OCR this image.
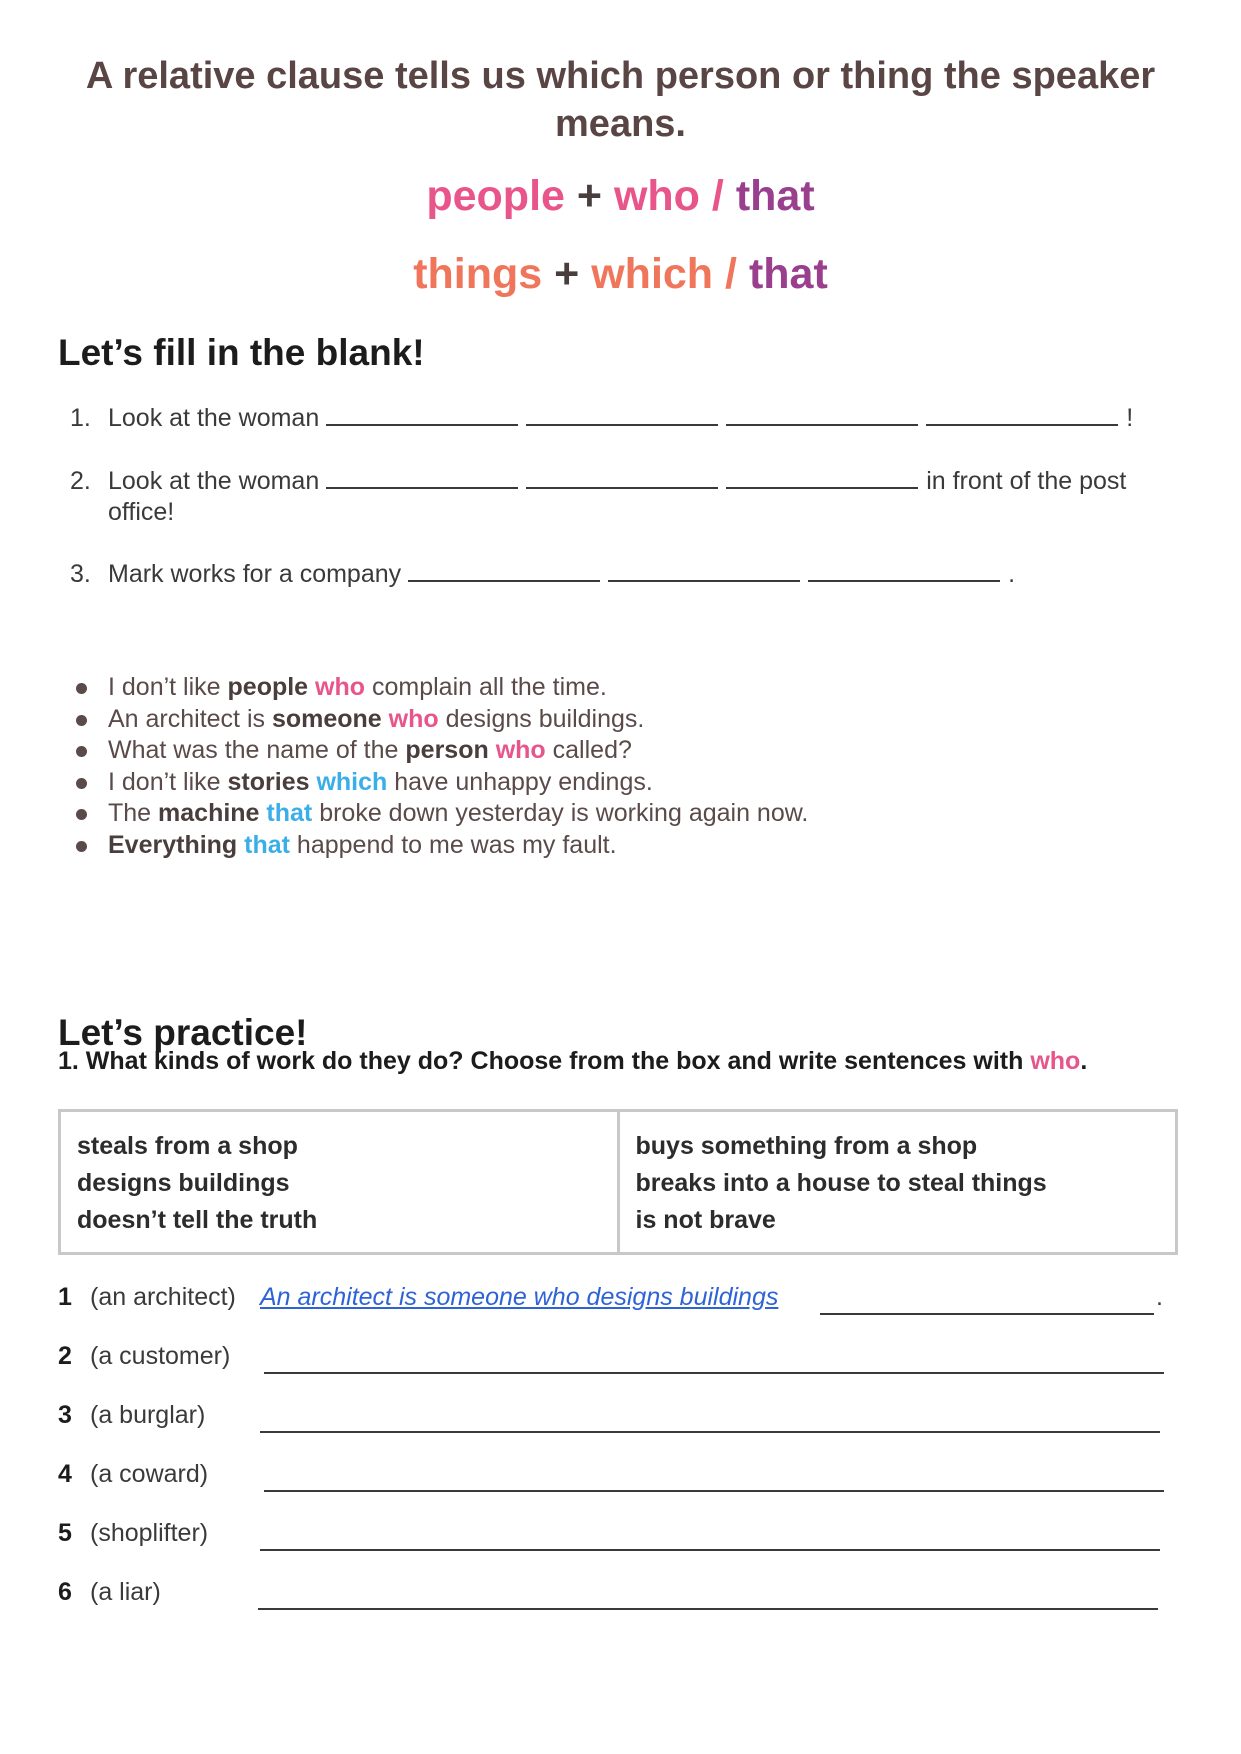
A relative clause tells us which person or thing the speaker means.
people + who / that
things + which / that
Let’s fill in the blank!
1. Look at the woman	!
2. Look at the woman	in front of the post
office!
3. Mark works for a company	.
I don’t like people who complain all the time.
An architect is someone who designs buildings.
What was the name of the person who called?
I don’t like stories which have unhappy endings.
The machine that broke down yesterday is working again now.
Everything that happend to me was my fault.
Let’s practice!
1. What kinds of work do they do? Choose from the box and write sentences with who.
steals from a shop
designs buildings
doesn’t tell the truth
buys something from a shop
breaks into a house to steal things
is not brave
1 (an architect) An architect is someone who designs buildings	.
2 (a customer)
3 (a burglar)
4 (a coward)
5 (shoplifter)
6 (a liar)
